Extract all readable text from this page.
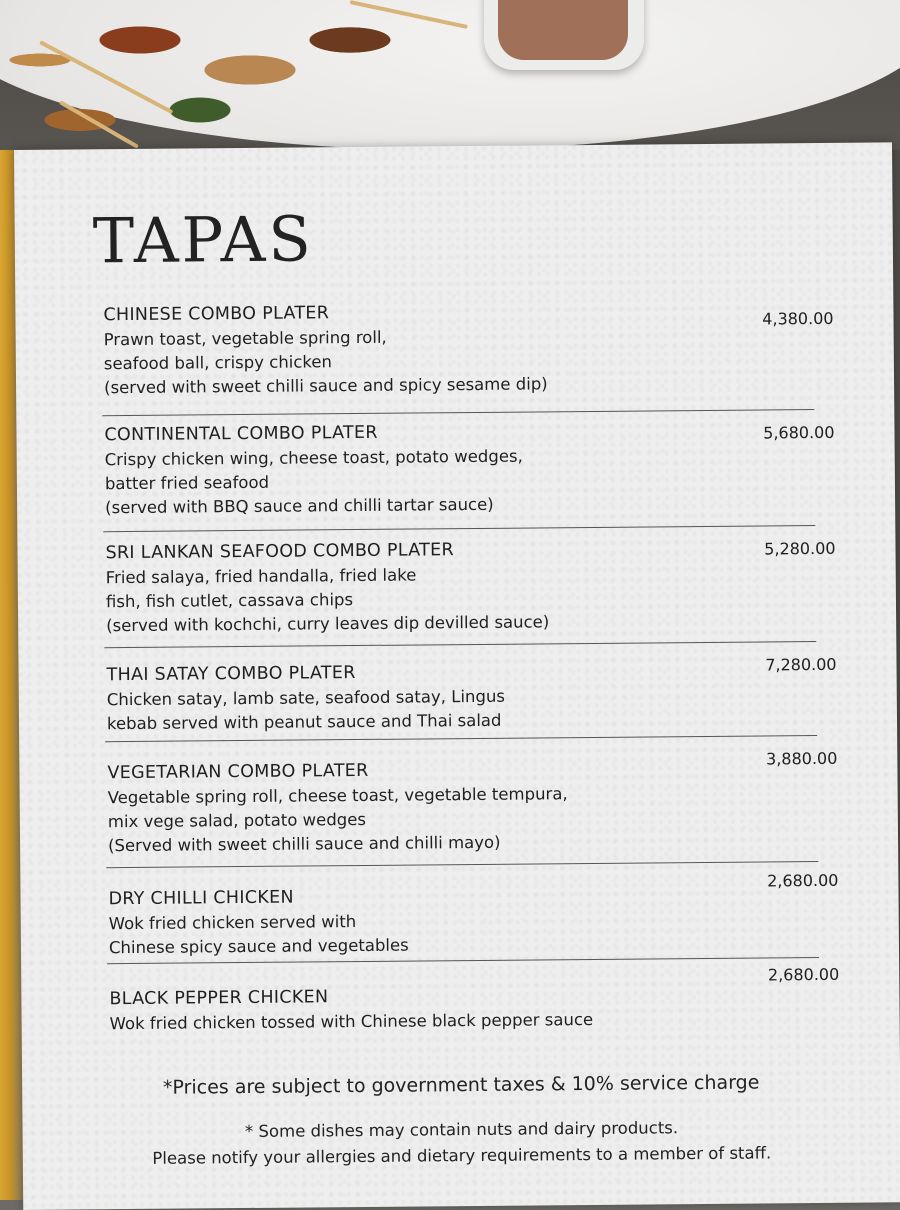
TAPAS

CHINESE COMBO PLATER

Prawn toast, vegetable spring roll,

seafood ball, crispy chicken

(served with sweet chilli sauce and spicy sesame dip)

4,380.00

CONTINENTAL COMBO PLATER

Crispy chicken wing, cheese toast, potato wedges,

batter fried seafood

(served with BBQ sauce and chilli tartar sauce)

5,680.00

SRI LANKAN SEAFOOD COMBO PLATER

Fried salaya, fried handalla, fried lake

fish, fish cutlet, cassava chips

(served with kochchi, curry leaves dip devilled sauce)

5,280.00

THAI SATAY COMBO PLATER

Chicken satay, lamb sate, seafood satay, Lingus

kebab served with peanut sauce and Thai salad

7,280.00

VEGETARIAN COMBO PLATER

Vegetable spring roll, cheese toast, vegetable tempura,

mix vege salad, potato wedges

(Served with sweet chilli sauce and chilli mayo)

3,880.00

DRY CHILLI CHICKEN

Wok fried chicken served with

Chinese spicy sauce and vegetables

2,680.00

BLACK PEPPER CHICKEN

Wok fried chicken tossed with Chinese black pepper sauce

2,680.00
*Prices are subject to government taxes & 10% service charge
* Some dishes may contain nuts and dairy products.
Please notify your allergies and dietary requirements to a member of staff.
